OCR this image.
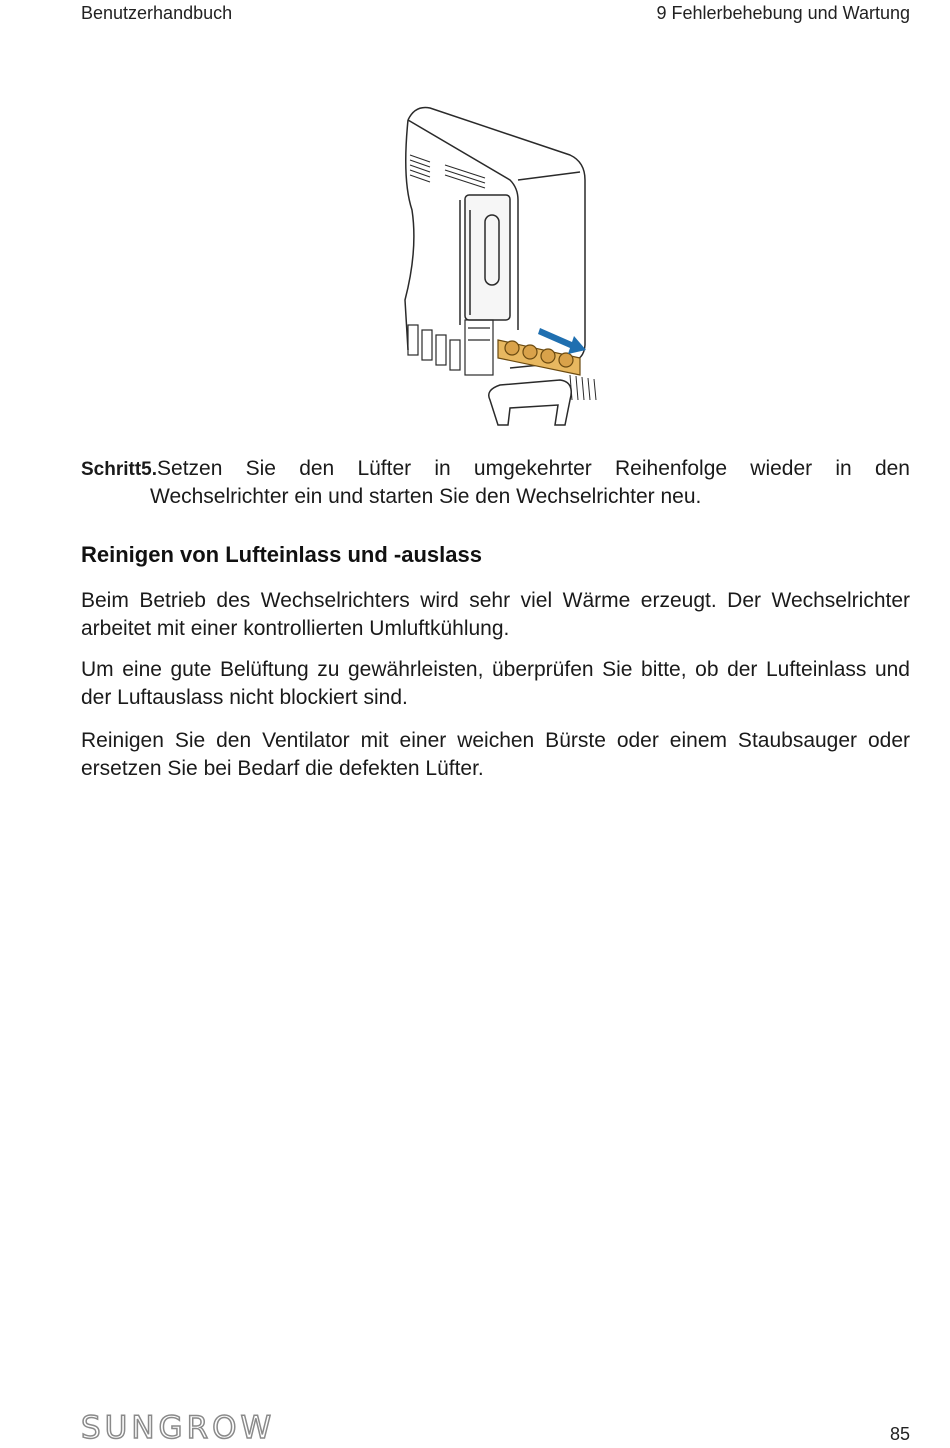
Benutzerhandbuch	9 Fehlerbehebung und Wartung
Schritt5.Setzen Sie den Lüfter in umgekehrter Reihenfolge wieder in den
Wechselrichter ein und starten Sie den Wechselrichter neu.
Reinigen von Lufteinlass und -auslass
Beim Betrieb des Wechselrichters wird sehr viel Wärme erzeugt. Der Wechselrichter arbeitet mit einer kontrollierten Umluftkühlung.
Um eine gute Belüftung zu gewährleisten, überprüfen Sie bitte, ob der Lufteinlass und der Luftauslass nicht blockiert sind.
Reinigen Sie den Ventilator mit einer weichen Bürste oder einem Staubsauger oder ersetzen Sie bei Bedarf die defekten Lüfter.
SUNGROW	85
